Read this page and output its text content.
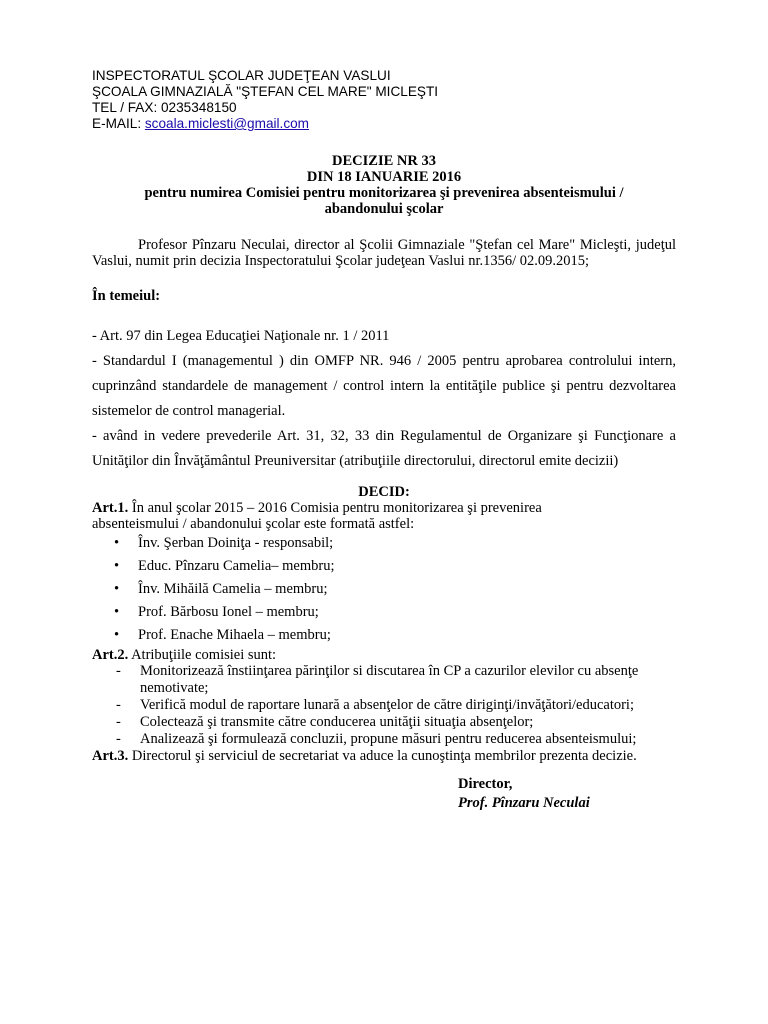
INSPECTORATUL ŞCOLAR JUDEŢEAN VASLUI
ŞCOALA GIMNAZIALĂ "ŞTEFAN CEL MARE" MICLEŞTI
TEL / FAX: 0235348150
E-MAIL: scoala.miclesti@gmail.com
DECIZIE NR 33
DIN 18 IANUARIE 2016
pentru numirea Comisiei pentru monitorizarea şi prevenirea absenteismului /
abandonului şcolar
Profesor Pînzaru Neculai, director al Şcolii Gimnaziale "Ştefan cel Mare" Micleşti, judeţul Vaslui, numit prin decizia Inspectoratului Şcolar judeţean Vaslui nr.1356/ 02.09.2015;
În temeiul:
- Art. 97 din Legea Educaţiei Naţionale nr. 1 / 2011
- Standardul I (managementul ) din OMFP NR. 946 / 2005 pentru aprobarea controlului intern, cuprinzând standardele de management / control intern la entităţile publice şi pentru dezvoltarea sistemelor de control managerial.
- având in vedere prevederile Art. 31, 32, 33 din Regulamentul de Organizare şi Funcţionare a Unităţilor din Învăţământul Preuniversitar (atribuţiile directorului, directorul emite decizii)
DECID:
Art.1. În anul şcolar 2015 – 2016 Comisia pentru monitorizarea şi prevenirea
absenteismului / abandonului şcolar este formată astfel:
• Înv. Şerban Doiniţa - responsabil;
• Educ. Pînzaru Camelia– membru;
• Înv. Mihăilă Camelia – membru;
• Prof. Bărbosu Ionel – membru;
• Prof. Enache Mihaela – membru;
Art.2. Atribuţiile comisiei sunt:
- Monitorizează înstiinţarea părinţilor si discutarea în CP a cazurilor elevilor cu absenţe nemotivate;
- Verifică modul de raportare lunară a absenţelor de către diriginţi/invăţători/educatori;
- Colectează şi transmite către conducerea unităţii situaţia absenţelor;
- Analizează şi formulează concluzii, propune măsuri pentru reducerea absenteismului;
Art.3. Directorul şi serviciul de secretariat va aduce la cunoştinţa membrilor prezenta decizie.
Director,
Prof. Pînzaru Neculai
